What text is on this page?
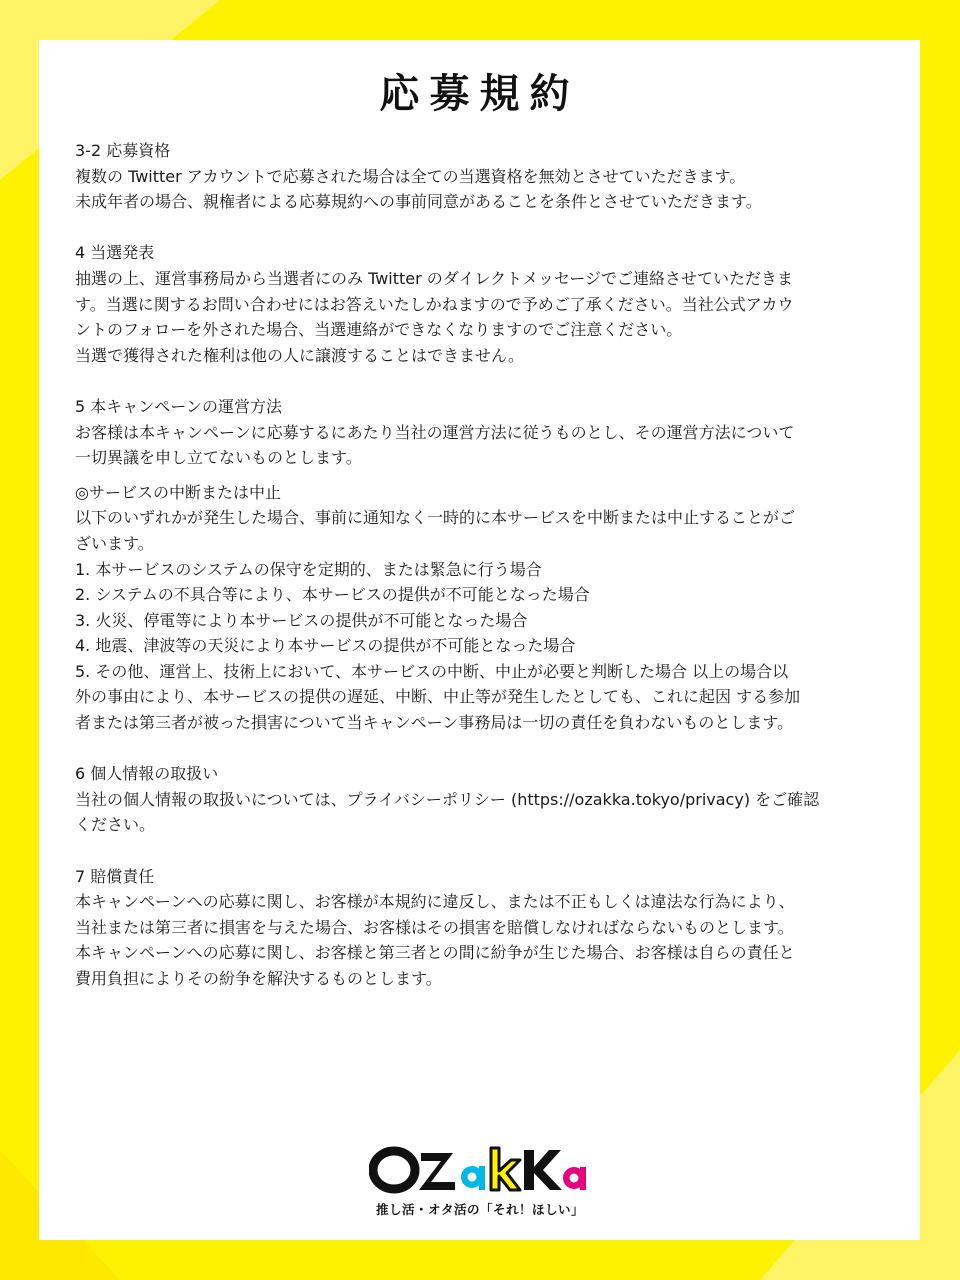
応募規約

3-2 応募資格

複数の Twitter アカウントで応募された場合は全ての当選資格を無効とさせていただきます。

未成年者の場合、親権者による応募規約への事前同意があることを条件とさせていただきます。

4 当選発表

抽選の上、運営事務局から当選者にのみ Twitter のダイレクトメッセージでご連絡させていただきま

す。当選に関するお問い合わせにはお答えいたしかねますので予めご了承ください。当社公式アカウ

ントのフォローを外された場合、当選連絡ができなくなりますのでご注意ください。

当選で獲得された権利は他の人に譲渡することはできません。

5 本キャンペーンの運営方法

お客様は本キャンペーンに応募するにあたり当社の運営方法に従うものとし、その運営方法について

一切異議を申し立てないものとします。

◎サービスの中断または中止

以下のいずれかが発生した場合、事前に通知なく一時的に本サービスを中断または中止することがご

ざいます。

1. 本サービスのシステムの保守を定期的、または緊急に行う場合

2. システムの不具合等により、本サービスの提供が不可能となった場合

3. 火災、停電等により本サービスの提供が不可能となった場合

4. 地震、津波等の天災により本サービスの提供が不可能となった場合

5. その他、運営上、技術上において、本サービスの中断、中止が必要と判断した場合 以上の場合以

外の事由により、本サービスの提供の遅延、中断、中止等が発生したとしても、これに起因 する参加

者または第三者が被った損害について当キャンペーン事務局は一切の責任を負わないものとします。

6 個人情報の取扱い

当社の個人情報の取扱いについては、プライバシーポリシー (https://ozakka.tokyo/privacy) をご確認

ください。

7 賠償責任

本キャンペーンへの応募に関し、お客様が本規約に違反し、または不正もしくは違法な行為により、

当社または第三者に損害を与えた場合、お客様はその損害を賠償しなければならないものとします。

本キャンペーンへの応募に関し、お客様と第三者との間に紛争が生じた場合、お客様は自らの責任と

費用負担によりその紛争を解決するものとします。

推し活・オタ活の「それ！ほしい」
